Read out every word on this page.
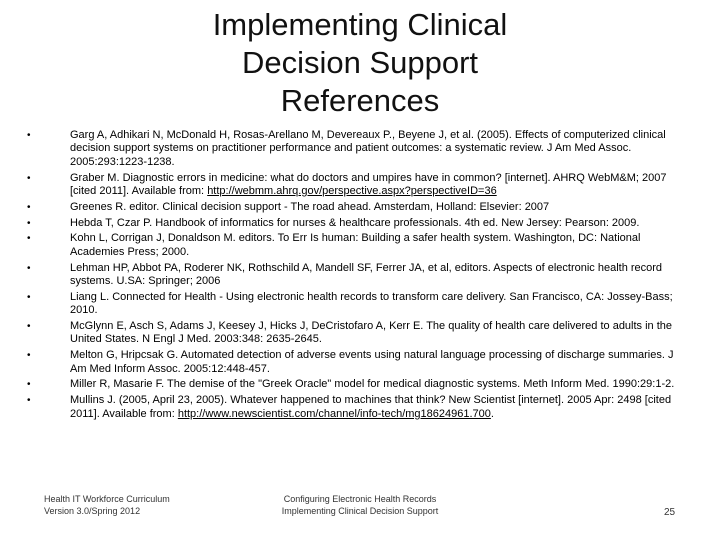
Implementing Clinical
Decision Support
References
•	Garg A, Adhikari N, McDonald H, Rosas-Arellano M, Devereaux P., Beyene J, et al. (2005). Effects of computerized clinical decision support systems on practitioner performance and patient outcomes: a systematic review. J Am Med Assoc. 2005:293:1223-1238.
•	Graber M. Diagnostic errors in medicine: what do doctors and umpires have in common? [internet]. AHRQ WebM&M; 2007 [cited 2011]. Available from: http://webmm.ahrq.gov/perspective.aspx?perspectiveID=36
•	Greenes R. editor. Clinical decision support - The road ahead. Amsterdam, Holland: Elsevier: 2007
•	Hebda T, Czar P. Handbook of informatics for nurses & healthcare professionals. 4th ed. New Jersey: Pearson: 2009.
•	Kohn L, Corrigan J, Donaldson M. editors. To Err Is human: Building a safer health system. Washington, DC: National Academies Press; 2000.
•	Lehman HP, Abbot PA, Roderer NK, Rothschild A, Mandell SF, Ferrer JA, et al, editors. Aspects of electronic health record systems. U.SA: Springer; 2006
•	Liang L. Connected for Health - Using electronic health records to transform care delivery. San Francisco, CA: Jossey-Bass; 2010.
•	McGlynn E, Asch S, Adams J, Keesey J, Hicks J, DeCristofaro A, Kerr E. The quality of health care delivered to adults in the United States. N Engl J Med. 2003:348: 2635-2645.
•	Melton G, Hripcsak G. Automated detection of adverse events using natural language processing of discharge summaries. J Am Med Inform Assoc. 2005:12:448-457.
•	Miller R, Masarie F. The demise of the "Greek Oracle" model for medical diagnostic systems. Meth Inform Med. 1990:29:1-2.
•	Mullins J. (2005, April 23, 2005). Whatever happened to machines that think? New Scientist [internet]. 2005 Apr: 2498 [cited 2011]. Available from: http://www.newscientist.com/channel/info-tech/mg18624961.700.
Health IT Workforce Curriculum
Version 3.0/Spring 2012
Configuring Electronic Health Records
Implementing Clinical Decision Support	25
